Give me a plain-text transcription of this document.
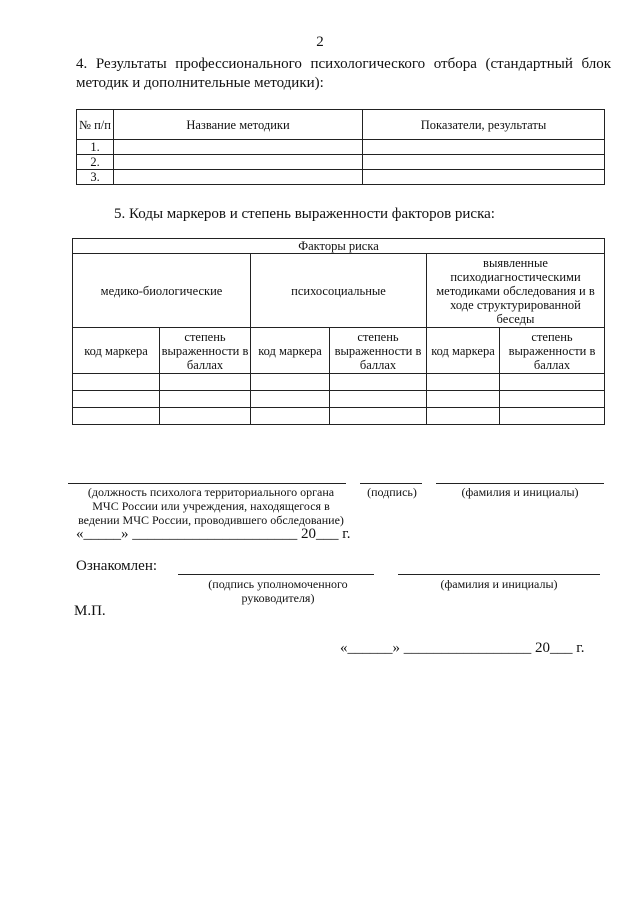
2
4. Результаты профессионального психологического отбора (стандартный блок методик и дополнительные методики):
№ п/п	Название методики	Показатели, результаты
1.		
2.		
3.		
5. Коды маркеров и степень выраженности факторов риска:
Факторы риска					
медико-биологические		психосоциальные		выявленные психодиагностическими методиками обследования и в ходе структурированной беседы	
код маркера	степень выраженности в баллах	код маркера	степень выраженности в баллах	код маркера	степень выраженности в баллах

(должность психолога территориального органа МЧС России или учреждения, находящегося в ведении МЧС России, проводившего обследование)
(подпись)	(фамилия и инициалы)
«_____» ______________________ 20___ г.
Ознакомлен:
(подпись уполномоченного руководителя)
(фамилия и инициалы)
М.П.
«______» _________________ 20___ г.
